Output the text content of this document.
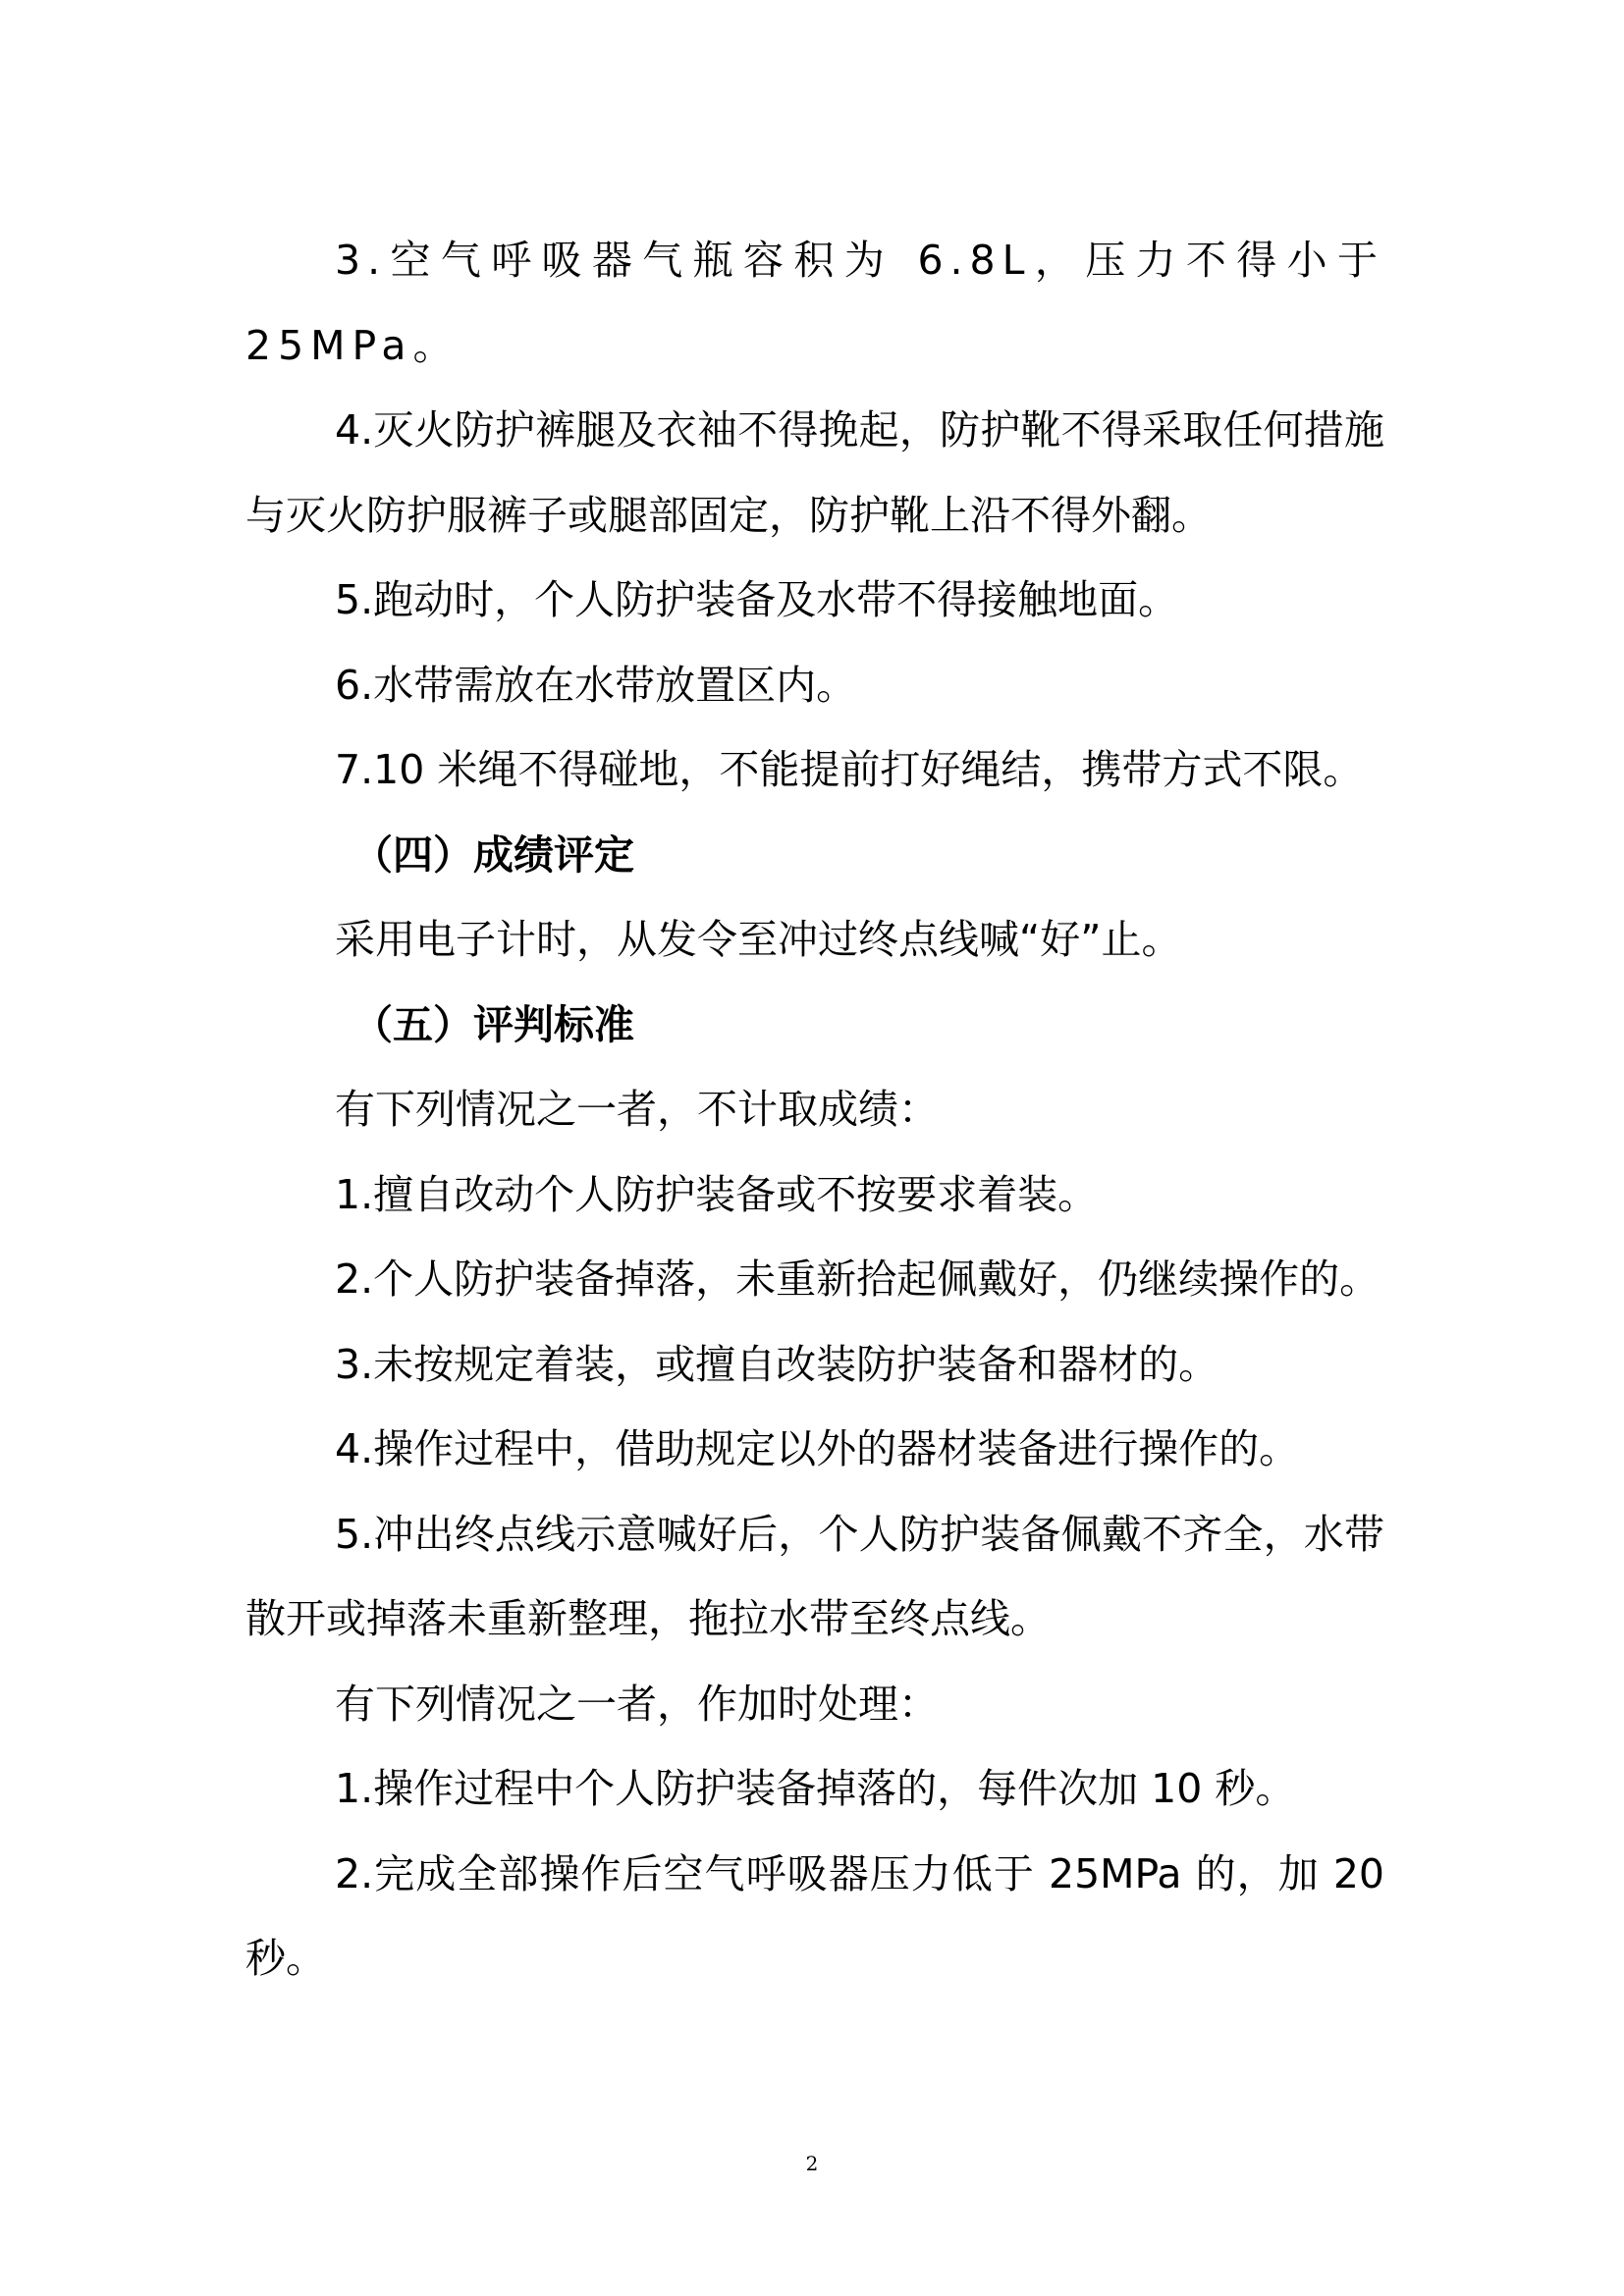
3.空气呼吸器气瓶容积为 6.8L，压力不得小于 25MPa。

4.灭火防护裤腿及衣袖不得挽起，防护靴不得采取任何措施与灭火防护服裤子或腿部固定，防护靴上沿不得外翻。

5.跑动时，个人防护装备及水带不得接触地面。

6.水带需放在水带放置区内。

7.10 米绳不得碰地，不能提前打好绳结，携带方式不限。

（四）成绩评定

采用电子计时，从发令至冲过终点线喊“好”止。

（五）评判标准

有下列情况之一者，不计取成绩：

1.擅自改动个人防护装备或不按要求着装。

2.个人防护装备掉落，未重新拾起佩戴好，仍继续操作的。

3.未按规定着装，或擅自改装防护装备和器材的。

4.操作过程中，借助规定以外的器材装备进行操作的。

5.冲出终点线示意喊好后，个人防护装备佩戴不齐全，水带散开或掉落未重新整理，拖拉水带至终点线。

有下列情况之一者，作加时处理：

1.操作过程中个人防护装备掉落的，每件次加 10 秒。

2.完成全部操作后空气呼吸器压力低于 25MPa 的，加 20 秒。

2
